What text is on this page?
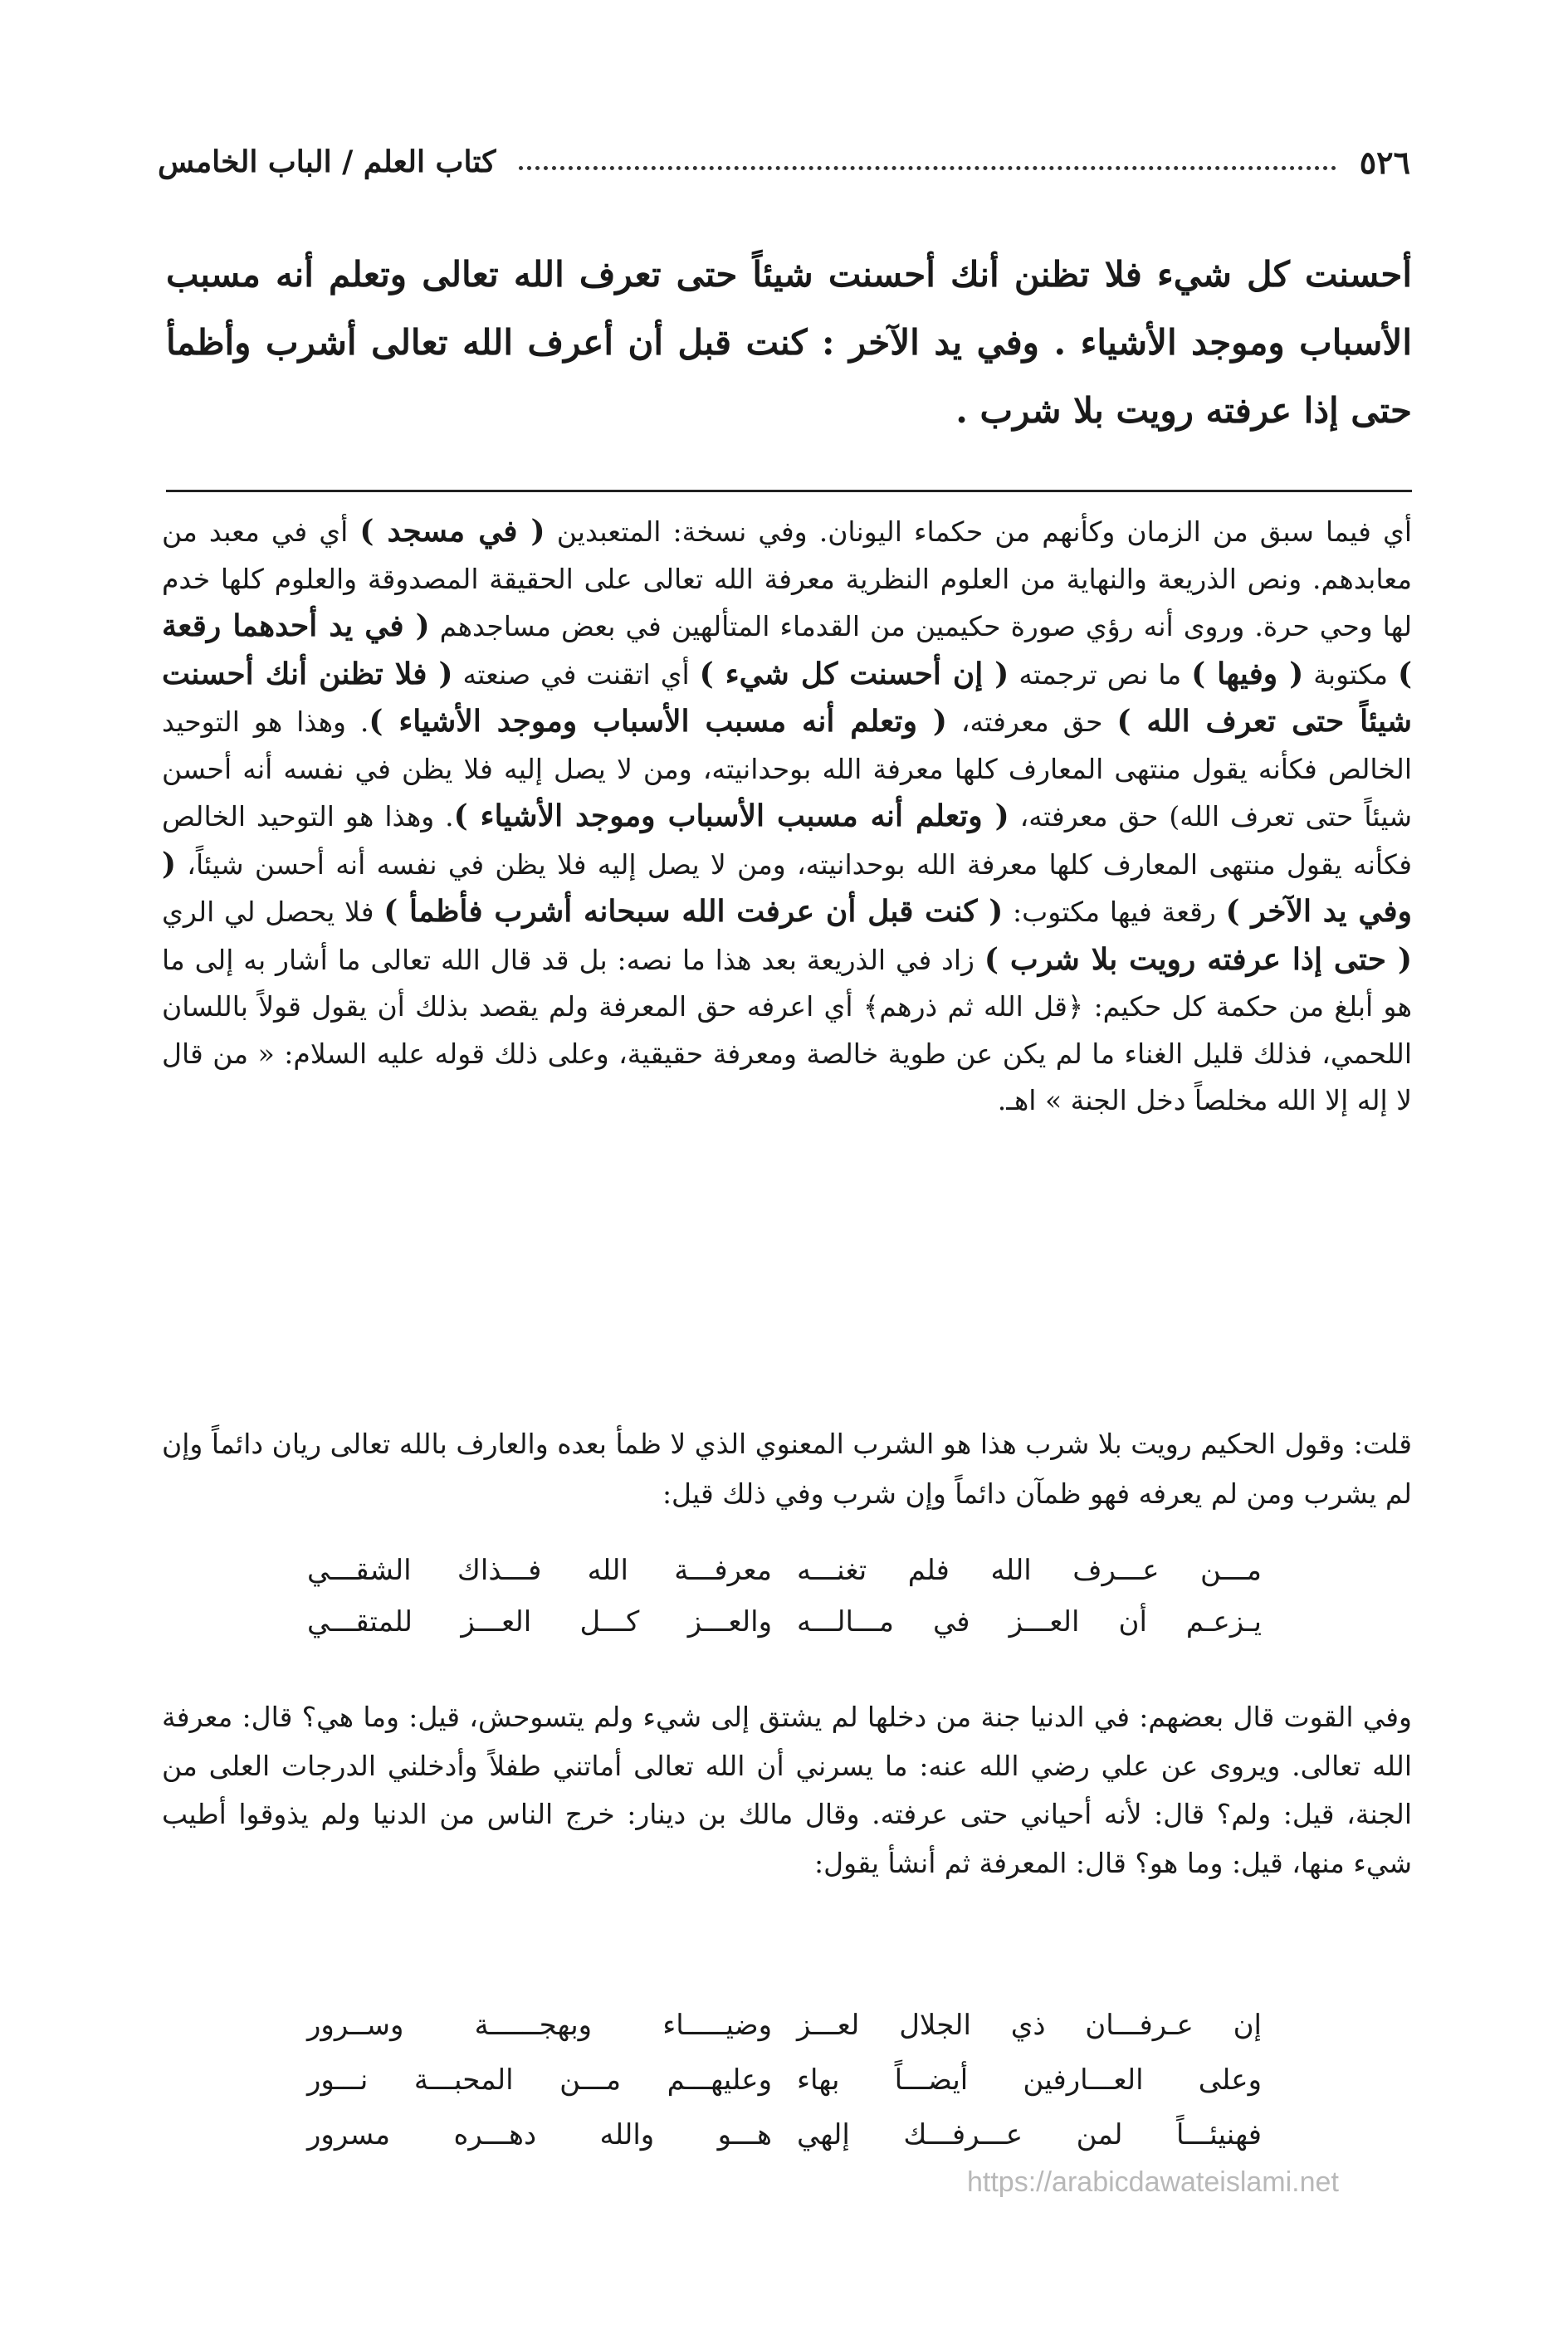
٥٢٦
كتاب العلم / الباب الخامس
أحسنت كل شيء فلا تظنن أنك أحسنت شيئاً حتى تعرف الله تعالى وتعلم أنه مسبب الأسباب وموجد الأشياء . وفي يد الآخر : كنت قبل أن أعرف الله تعالى أشرب وأظمأ حتى إذا عرفته رويت بلا شرب .

أي فيما سبق من الزمان وكأنهم من حكماء اليونان. وفي نسخة: المتعبدين ( في مسجد ) أي في معبد من معابدهم. ونص الذريعة والنهاية من العلوم النظرية معرفة الله تعالى على الحقيقة المصدوقة والعلوم كلها خدم لها وحي حرة. وروى أنه رؤي صورة حكيمين من القدماء المتألهين في بعض مساجدهم ( في يد أحدهما رقعة ) مكتوبة ( وفيها ) ما نص ترجمته ( إن أحسنت كل شيء ) أي اتقنت في صنعته ( فلا تظنن أنك أحسنت شيئاً حتى تعرف الله ) حق معرفته، ( وتعلم أنه مسبب الأسباب وموجد الأشياء ). وهذا هو التوحيد الخالص فكأنه يقول منتهى المعارف كلها معرفة الله بوحدانيته، ومن لا يصل إليه فلا يظن في نفسه أنه أحسن شيئاً حتى تعرف الله) حق معرفته، ( وتعلم أنه مسبب الأسباب وموجد الأشياء ). وهذا هو التوحيد الخالص فكأنه يقول منتهى المعارف كلها معرفة الله بوحدانيته، ومن لا يصل إليه فلا يظن في نفسه أنه أحسن شيئاً، ( وفي يد الآخر ) رقعة فيها مكتوب: ( كنت قبل أن عرفت الله سبحانه أشرب فأظمأ ) فلا يحصل لي الري ( حتى إذا عرفته رويت بلا شرب ) زاد في الذريعة بعد هذا ما نصه: بل قد قال الله تعالى ما أشار به إلى ما هو أبلغ من حكمة كل حكيم: ﴿قل الله ثم ذرهم﴾ أي اعرفه حق المعرفة ولم يقصد بذلك أن يقول قولاً باللسان اللحمي، فذلك قليل الغناء ما لم يكن عن طوية خالصة ومعرفة حقيقية، وعلى ذلك قوله عليه السلام: « من قال لا إله إلا الله مخلصاً دخل الجنة » اهـ.

قلت: وقول الحكيم رويت بلا شرب هذا هو الشرب المعنوي الذي لا ظمأ بعده والعارف بالله تعالى ريان دائماً وإن لم يشرب ومن لم يعرفه فهو ظمآن دائماً وإن شرب وفي ذلك قيل:

مـــن عـــرف الله فلم تغنـــه
معرفـــة الله فـــذاك الشقـــي
يـزعـم أن العـــز في مـــالـــه
والعـــز كـــل العـــز للمتقـــي

وفي القوت قال بعضهم: في الدنيا جنة من دخلها لم يشتق إلى شيء ولم يتسوحش، قيل: وما هي؟ قال: معرفة الله تعالى. ويروى عن علي رضي الله عنه: ما يسرني أن الله تعالى أماتني طفلاً وأدخلني الدرجات العلى من الجنة، قيل: ولم؟ قال: لأنه أحياني حتى عرفته. وقال مالك بن دينار: خرج الناس من الدنيا ولم يذوقوا أطيب شيء منها، قيل: وما هو؟ قال: المعرفة ثم أنشأ يقول:

إن عـرفـــان ذي الجلال لعـــز
وضيـــــاء وبهجــــــة وســرور
وعلى العـــارفين أيضـــاً بهاء
وعليهـــم مـــن المحبـــة نـــور
فهنيئـــاً لمن عـــرفـــك إلهي
هـــو والله دهـــره مسرور
https://arabicdawateislami.net
